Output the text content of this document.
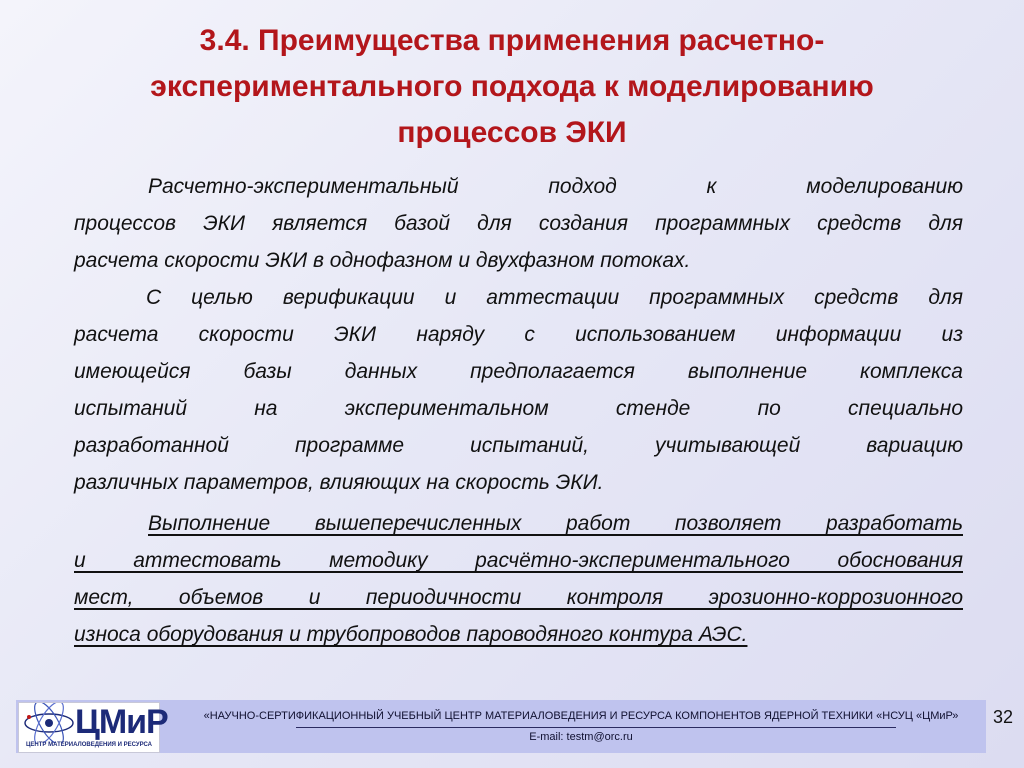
3.4. Преимущества применения расчетно-
экспериментального подхода к моделированию
процессов ЭКИ

Расчетно-экспериментальный подход к моделированию
процессов ЭКИ является базой для создания программных средств для
расчета скорости ЭКИ в однофазном и двухфазном потоках.

С целью верификации и аттестации программных средств для
расчета скорости ЭКИ наряду с использованием информации из
имеющейся базы данных предполагается выполнение комплекса
испытаний на экспериментальном стенде по специально
разработанной программе испытаний, учитывающей вариацию
различных параметров, влияющих на скорость ЭКИ.

Выполнение вышеперечисленных работ позволяет разработать
и аттестовать методику расчётно-экспериментального обоснования
мест, объемов и периодичности контроля эрозионно-коррозионного
износа оборудования и трубопроводов пароводяного контура АЭС.

ЦМиР
ЦЕНТР МАТЕРИАЛОВЕДЕНИЯ И РЕСУРСА
«НАУЧНО-СЕРТИФИКАЦИОННЫЙ УЧЕБНЫЙ ЦЕНТР МАТЕРИАЛОВЕДЕНИЯ И РЕСУРСА КОМПОНЕНТОВ ЯДЕРНОЙ ТЕХНИКИ «НСУЦ «ЦМиР»
E-mail: testm@orc.ru
32
